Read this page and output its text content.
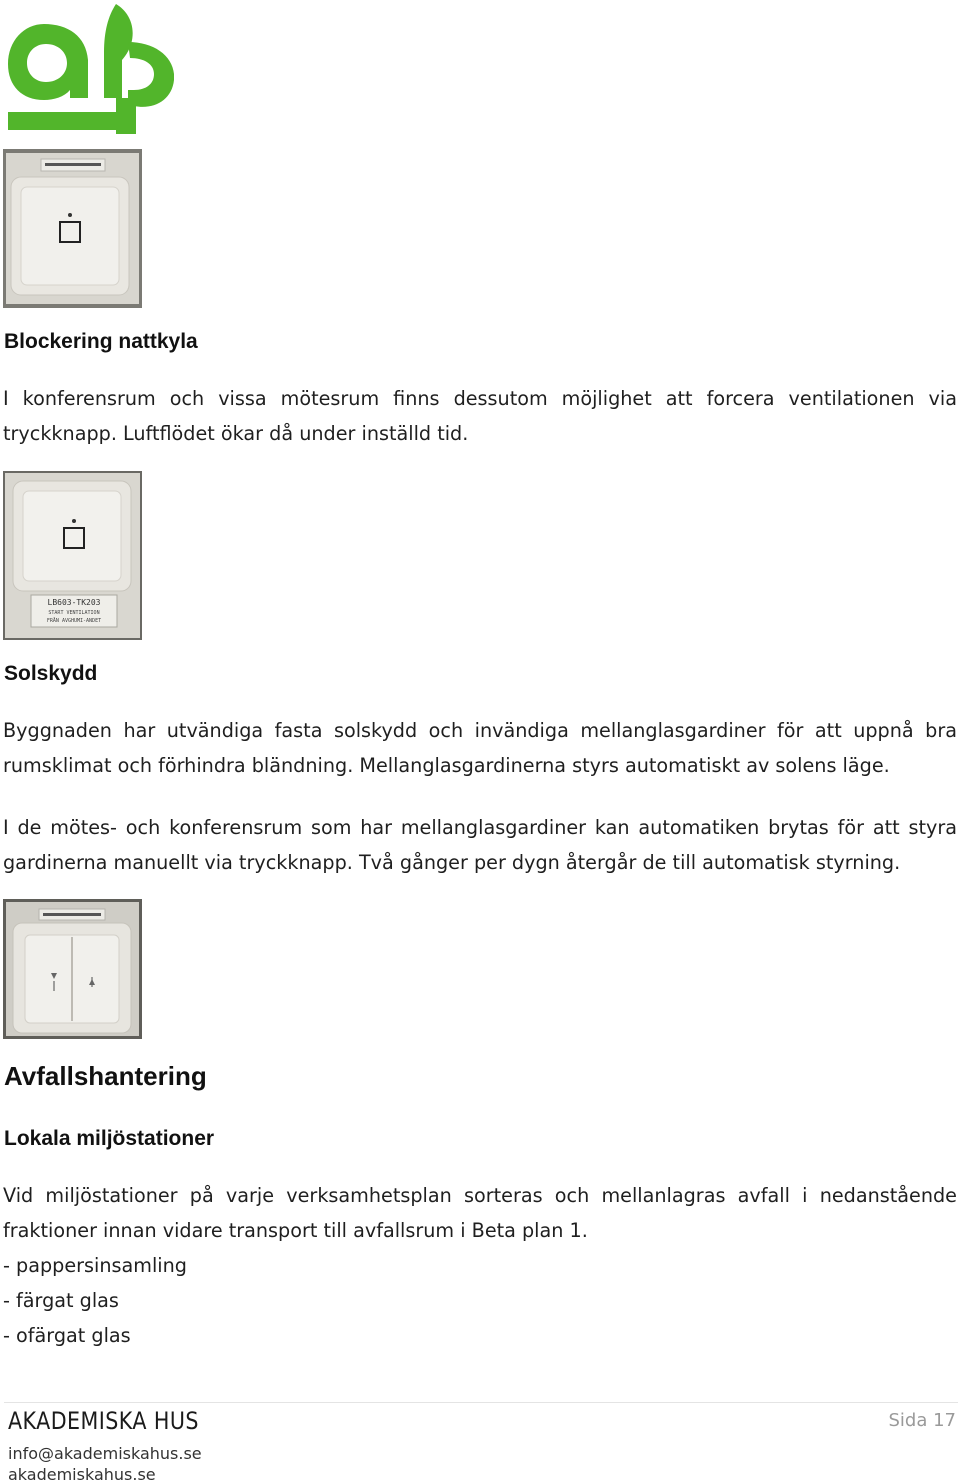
Blockering nattkyla

I konferensrum och vissa mötesrum finns dessutom möjlighet att forcera ventilationen via tryckknapp. Luftflödet ökar då under inställd tid.

LB603-TK203
START VENTILATION
FRÅN AVGHUMI-ANDET
Solskydd

Byggnaden har utvändiga fasta solskydd och invändiga mellanglasgardiner för att uppnå bra rumsklimat och förhindra bländning. Mellanglasgardinerna styrs automatiskt av solens läge.

I de mötes- och konferensrum som har mellanglasgardiner kan automatiken brytas för att styra gardinerna manuellt via tryckknapp. Två gånger per dygn återgår de till automatisk styrning.

Avfallshantering
Lokala miljöstationer

Vid miljöstationer på varje verksamhetsplan sorteras och mellanlagras avfall i nedanstående fraktioner innan vidare transport till avfallsrum i Beta plan 1.

- pappersinsamling
- färgat glas
- ofärgat glas
AKADEMISKA HUS
info@akademiskahus.se
akademiskahus.se
Sida 17
